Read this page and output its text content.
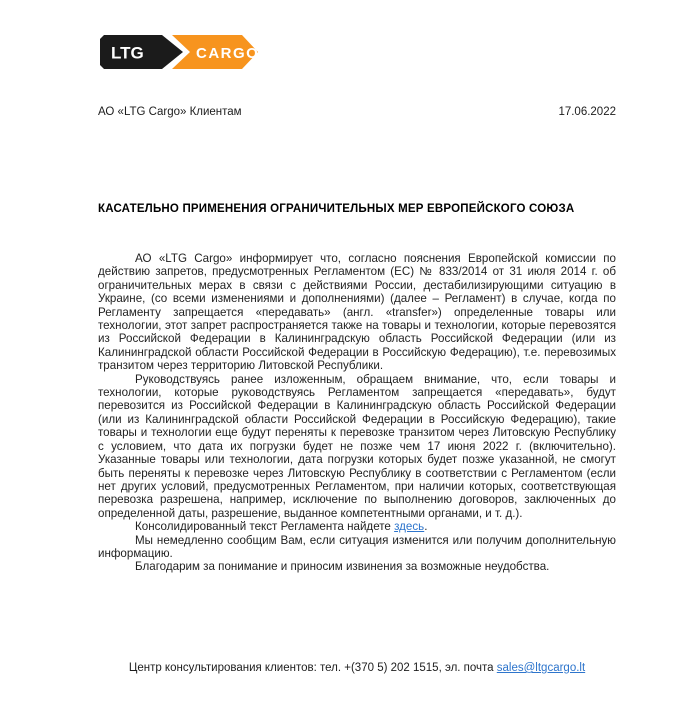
LTG	CARGO
АО «LTG Cargo» Клиентам	17.06.2022
КАСАТЕЛЬНО ПРИМЕНЕНИЯ ОГРАНИЧИТЕЛЬНЫХ МЕР ЕВРОПЕЙСКОГО СОЮЗА

АО «LTG Cargo» информирует что, согласно пояснения Европейской комиссии по действию запретов, предусмотренных Регламентом (ЕС) № 833/2014 от 31 июля 2014 г. об ограничительных мерах в связи с действиями России, дестабилизирующими ситуацию в Украине, (со всеми изменениями и дополнениями) (далее – Регламент) в случае, когда по Регламенту запрещается «передавать» (англ. «transfer») определенные товары или технологии, этот запрет распространяется также на товары и технологии, которые перевозятся из Российской Федерации в Калининградскую область Российской Федерации (или из Калининградской области Российской Федерации в Российскую Федерацию), т.е. перевозимых транзитом через территорию Литовской Республики.

Руководствуясь ранее изложенным, обращаем внимание, что, если товары и технологии, которые руководствуясь Регламентом запрещается «передавать», будут перевозится из Российской Федерации в Калининградскую область Российской Федерации (или из Калининградской области Российской Федерации в Российскую Федерацию), такие товары и технологии еще будут переняты к перевозке транзитом через Литовскую Республику с условием, что дата их погрузки будет не позже чем 17 июня 2022 г. (включительно). Указанные товары или технологии, дата погрузки которых будет позже указанной, не смогут быть переняты к перевозке через Литовскую Республику в соответствии с Регламентом (если нет других условий, предусмотренных Регламентом, при наличии которых, соответствующая перевозка разрешена, например, исключение по выполнению договоров, заключенных до определенной даты, разрешение, выданное компетентными органами, и т. д.).

Консолидированный текст Регламента найдете здесь.

Мы немедленно сообщим Вам, если ситуация изменится или получим дополнительную информацию.

Благодарим за понимание и приносим извинения за возможные неудобства.

Центр консультирования клиентов: тел. +(370 5) 202 1515, эл. почта sales@ltgcargo.lt
